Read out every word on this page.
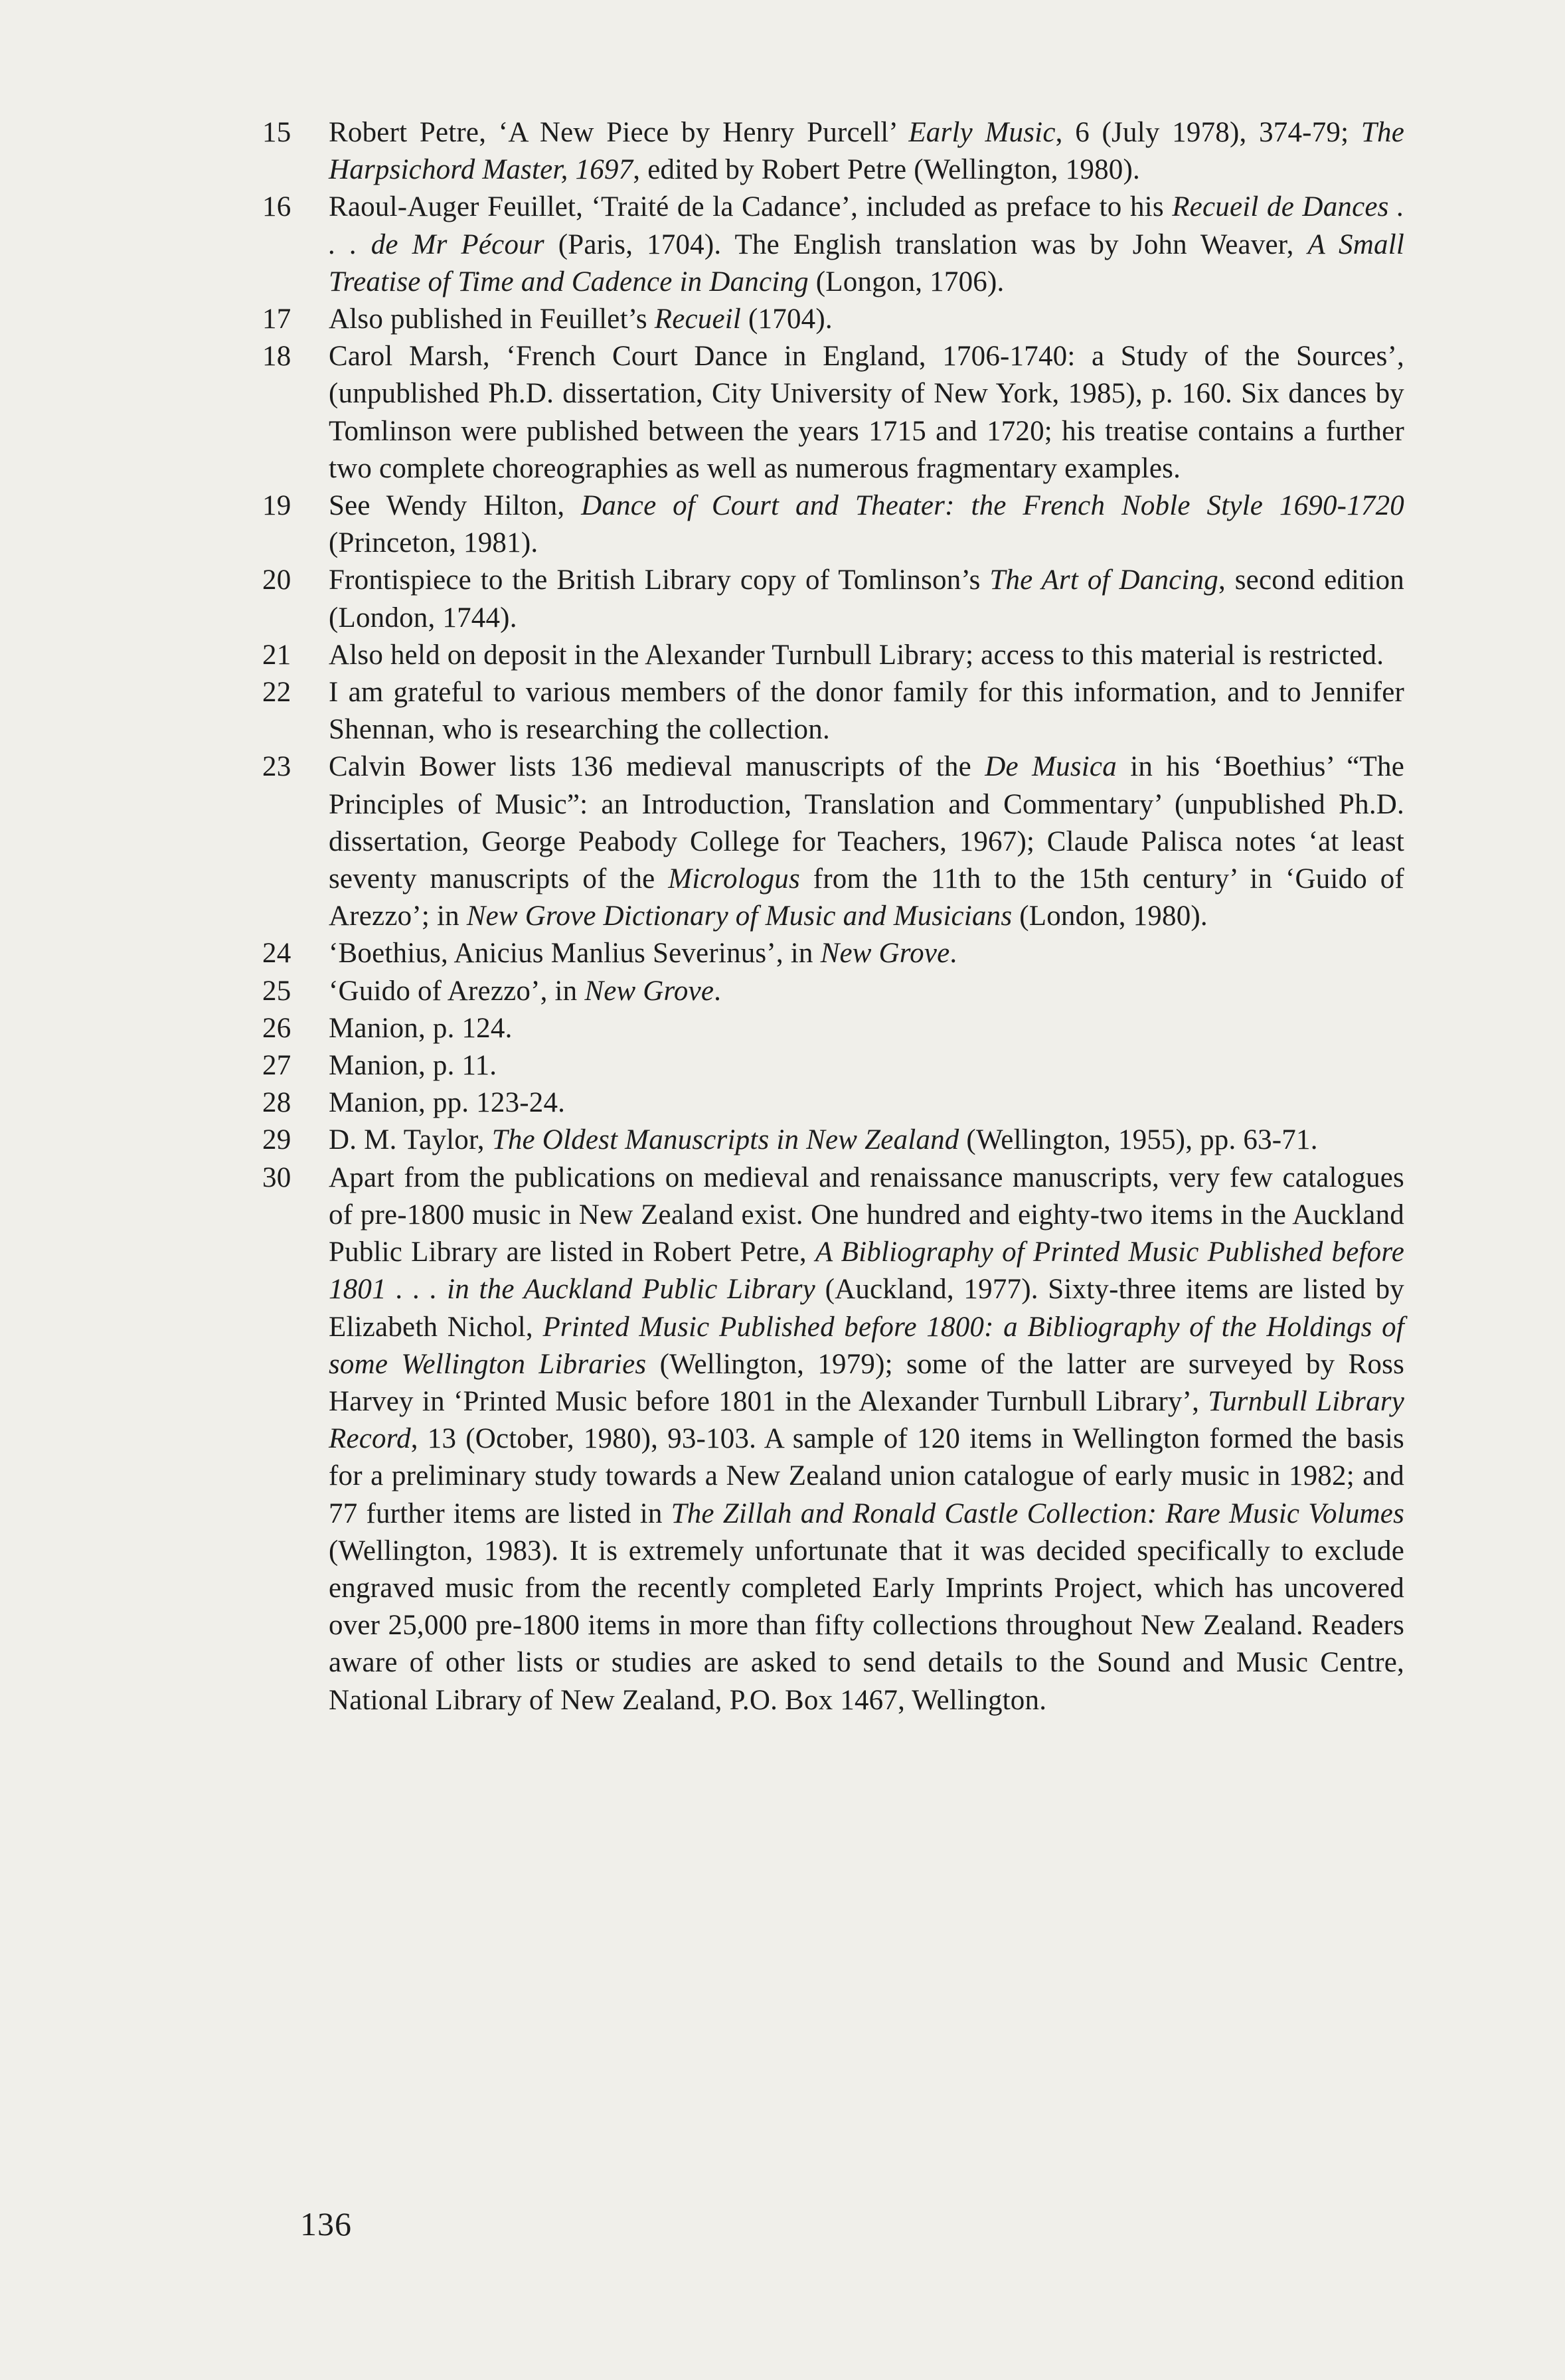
15	Robert Petre, ‘A New Piece by Henry Purcell’ Early Music, 6 (July 1978), 374-79; The Harpsichord Master, 1697, edited by Robert Petre (Wellington, 1980).
16	Raoul-Auger Feuillet, ‘Traité de la Cadance’, included as preface to his Recueil de Dances . . . de Mr Pécour (Paris, 1704). The English translation was by John Weaver, A Small Treatise of Time and Cadence in Dancing (Longon, 1706).
17	Also published in Feuillet’s Recueil (1704).
18	Carol Marsh, ‘French Court Dance in England, 1706-1740: a Study of the Sources’, (unpublished Ph.D. dissertation, City University of New York, 1985), p. 160. Six dances by Tomlinson were published between the years 1715 and 1720; his treatise contains a further two complete choreographies as well as numerous fragmentary examples.
19	See Wendy Hilton, Dance of Court and Theater: the French Noble Style 1690-1720 (Princeton, 1981).
20	Frontispiece to the British Library copy of Tomlinson’s The Art of Dancing, second edition (London, 1744).
21	Also held on deposit in the Alexander Turnbull Library; access to this material is restricted.
22	I am grateful to various members of the donor family for this information, and to Jennifer Shennan, who is researching the collection.
23	Calvin Bower lists 136 medieval manuscripts of the De Musica in his ‘Boethius’ “The Principles of Music”: an Introduction, Translation and Commentary’ (unpublished Ph.D. dissertation, George Peabody College for Teachers, 1967); Claude Palisca notes ‘at least seventy manuscripts of the Micrologus from the 11th to the 15th century’ in ‘Guido of Arezzo’; in New Grove Dictionary of Music and Musicians (London, 1980).
24	‘Boethius, Anicius Manlius Severinus’, in New Grove.
25	‘Guido of Arezzo’, in New Grove.
26	Manion, p. 124.
27	Manion, p. 11.
28	Manion, pp. 123-24.
29	D. M. Taylor, The Oldest Manuscripts in New Zealand (Wellington, 1955), pp. 63-71.
30	Apart from the publications on medieval and renaissance manuscripts, very few catalogues of pre-1800 music in New Zealand exist. One hundred and eighty-two items in the Auckland Public Library are listed in Robert Petre, A Bibliography of Printed Music Published before 1801 . . . in the Auckland Public Library (Auckland, 1977). Sixty-three items are listed by Elizabeth Nichol, Printed Music Published before 1800: a Bibliography of the Holdings of some Wellington Libraries (Wellington, 1979); some of the latter are surveyed by Ross Harvey in ‘Printed Music before 1801 in the Alexander Turnbull Library’, Turnbull Library Record, 13 (October, 1980), 93-103. A sample of 120 items in Wellington formed the basis for a preliminary study towards a New Zealand union catalogue of early music in 1982; and 77 further items are listed in The Zillah and Ronald Castle Collection: Rare Music Volumes (Wellington, 1983). It is extremely unfortunate that it was decided specifically to exclude engraved music from the recently completed Early Imprints Project, which has uncovered over 25,000 pre-1800 items in more than fifty collections throughout New Zealand. Readers aware of other lists or studies are asked to send details to the Sound and Music Centre, National Library of New Zealand, P.O. Box 1467, Wellington.
136
